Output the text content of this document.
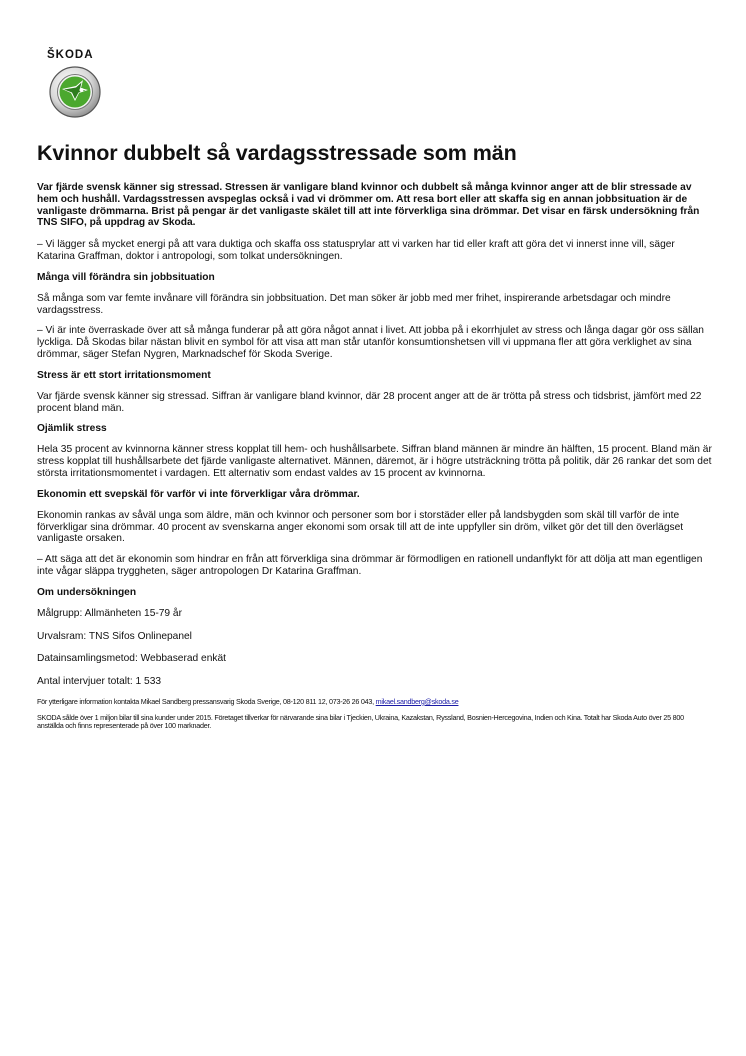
ŠKODA
Kvinnor dubbelt så vardagsstressade som män

Var fjärde svensk känner sig stressad. Stressen är vanligare bland kvinnor och dubbelt så många kvinnor anger att de blir stressade av hem och hushåll. Vardagsstressen avspeglas också i vad vi drömmer om. Att resa bort eller att skaffa sig en annan jobbsituation är de vanligaste drömmarna. Brist på pengar är det vanligaste skälet till att inte förverkliga sina drömmar. Det visar en färsk undersökning från TNS SIFO, på uppdrag av Skoda.

– Vi lägger så mycket energi på att vara duktiga och skaffa oss statusprylar att vi varken har tid eller kraft att göra det vi innerst inne vill, säger Katarina Graffman, doktor i antropologi, som tolkat undersökningen.

Många vill förändra sin jobbsituation

Så många som var femte invånare vill förändra sin jobbsituation. Det man söker är jobb med mer frihet, inspirerande arbetsdagar och mindre vardagsstress.

– Vi är inte överraskade över att så många funderar på att göra något annat i livet. Att jobba på i ekorrhjulet av stress och långa dagar gör oss sällan lyckliga. Då Skodas bilar nästan blivit en symbol för att visa att man står utanför konsumtionshetsen vill vi uppmana fler att göra verklighet av sina drömmar, säger Stefan Nygren, Marknadschef för Skoda Sverige.

Stress är ett stort irritationsmoment

Var fjärde svensk känner sig stressad. Siffran är vanligare bland kvinnor, där 28 procent anger att de är trötta på stress och tidsbrist, jämfört med 22 procent bland män.

Ojämlik stress

Hela 35 procent av kvinnorna känner stress kopplat till hem- och hushållsarbete. Siffran bland männen är mindre än hälften, 15 procent. Bland män är stress kopplat till hushållsarbete det fjärde vanligaste alternativet. Männen, däremot, är i högre utsträckning trötta på politik, där 26 rankar det som det största irritationsmomentet i vardagen. Ett alternativ som endast valdes av 15 procent av kvinnorna.

Ekonomin ett svepskäl för varför vi inte förverkligar våra drömmar.

Ekonomin rankas av såväl unga som äldre, män och kvinnor och personer som bor i storstäder eller på landsbygden som skäl till varför de inte förverkligar sina drömmar. 40 procent av svenskarna anger ekonomi som orsak till att de inte uppfyller sin dröm, vilket gör det till den överlägset vanligaste orsaken.

– Att säga att det är ekonomin som hindrar en från att förverkliga sina drömmar är förmodligen en rationell undanflykt för att dölja att man egentligen inte vågar släppa tryggheten, säger antropologen Dr Katarina Graffman.

Om undersökningen

Målgrupp: Allmänheten 15-79 år

Urvalsram: TNS Sifos Onlinepanel

Datainsamlingsmetod: Webbaserad enkät

Antal intervjuer totalt: 1 533

För ytterligare information kontakta Mikael Sandberg pressansvarig Skoda Sverige, 08-120 811 12, 073-26 26 043, mikael.sandberg@skoda.se

SKODA sålde över 1 miljon bilar till sina kunder under 2015. Företaget tillverkar för närvarande sina bilar i Tjeckien, Ukraina, Kazakstan, Ryssland, Bosnien-Hercegovina, Indien och Kina. Totalt har Skoda Auto över 25 800 anställda och finns representerade på över 100 marknader.
